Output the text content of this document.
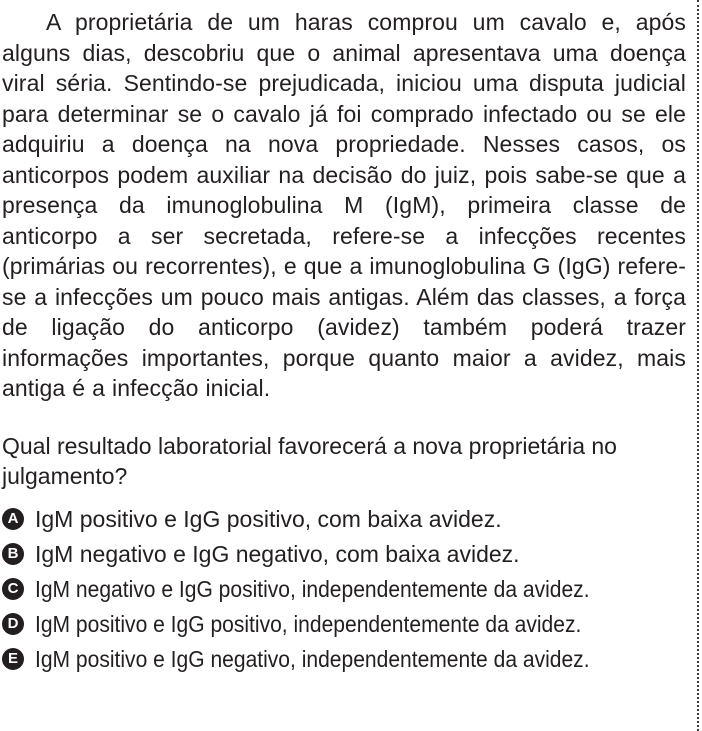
A proprietária de um haras comprou um cavalo e, após alguns dias, descobriu que o animal apresentava uma doença viral séria. Sentindo-se prejudicada, iniciou uma disputa judicial para determinar se o cavalo já foi comprado infectado ou se ele adquiriu a doença na nova propriedade. Nesses casos, os anticorpos podem auxiliar na decisão do juiz, pois sabe-se que a presença da imunoglobulina M (IgM), primeira classe de anticorpo a ser secretada, refere-se a infecções recentes (primárias ou recorrentes), e que a imunoglobulina G (IgG) refere-se a infecções um pouco mais antigas. Além das classes, a força de ligação do anticorpo (avidez) também poderá trazer informações importantes, porque quanto maior a avidez, mais antiga é a infecção inicial.

Qual resultado laboratorial favorecerá a nova proprietária no julgamento?

A IgM positivo e IgG positivo, com baixa avidez.
B IgM negativo e IgG negativo, com baixa avidez.
C IgM negativo e IgG positivo, independentemente da avidez.
D IgM positivo e IgG positivo, independentemente da avidez.
E IgM positivo e IgG negativo, independentemente da avidez.
